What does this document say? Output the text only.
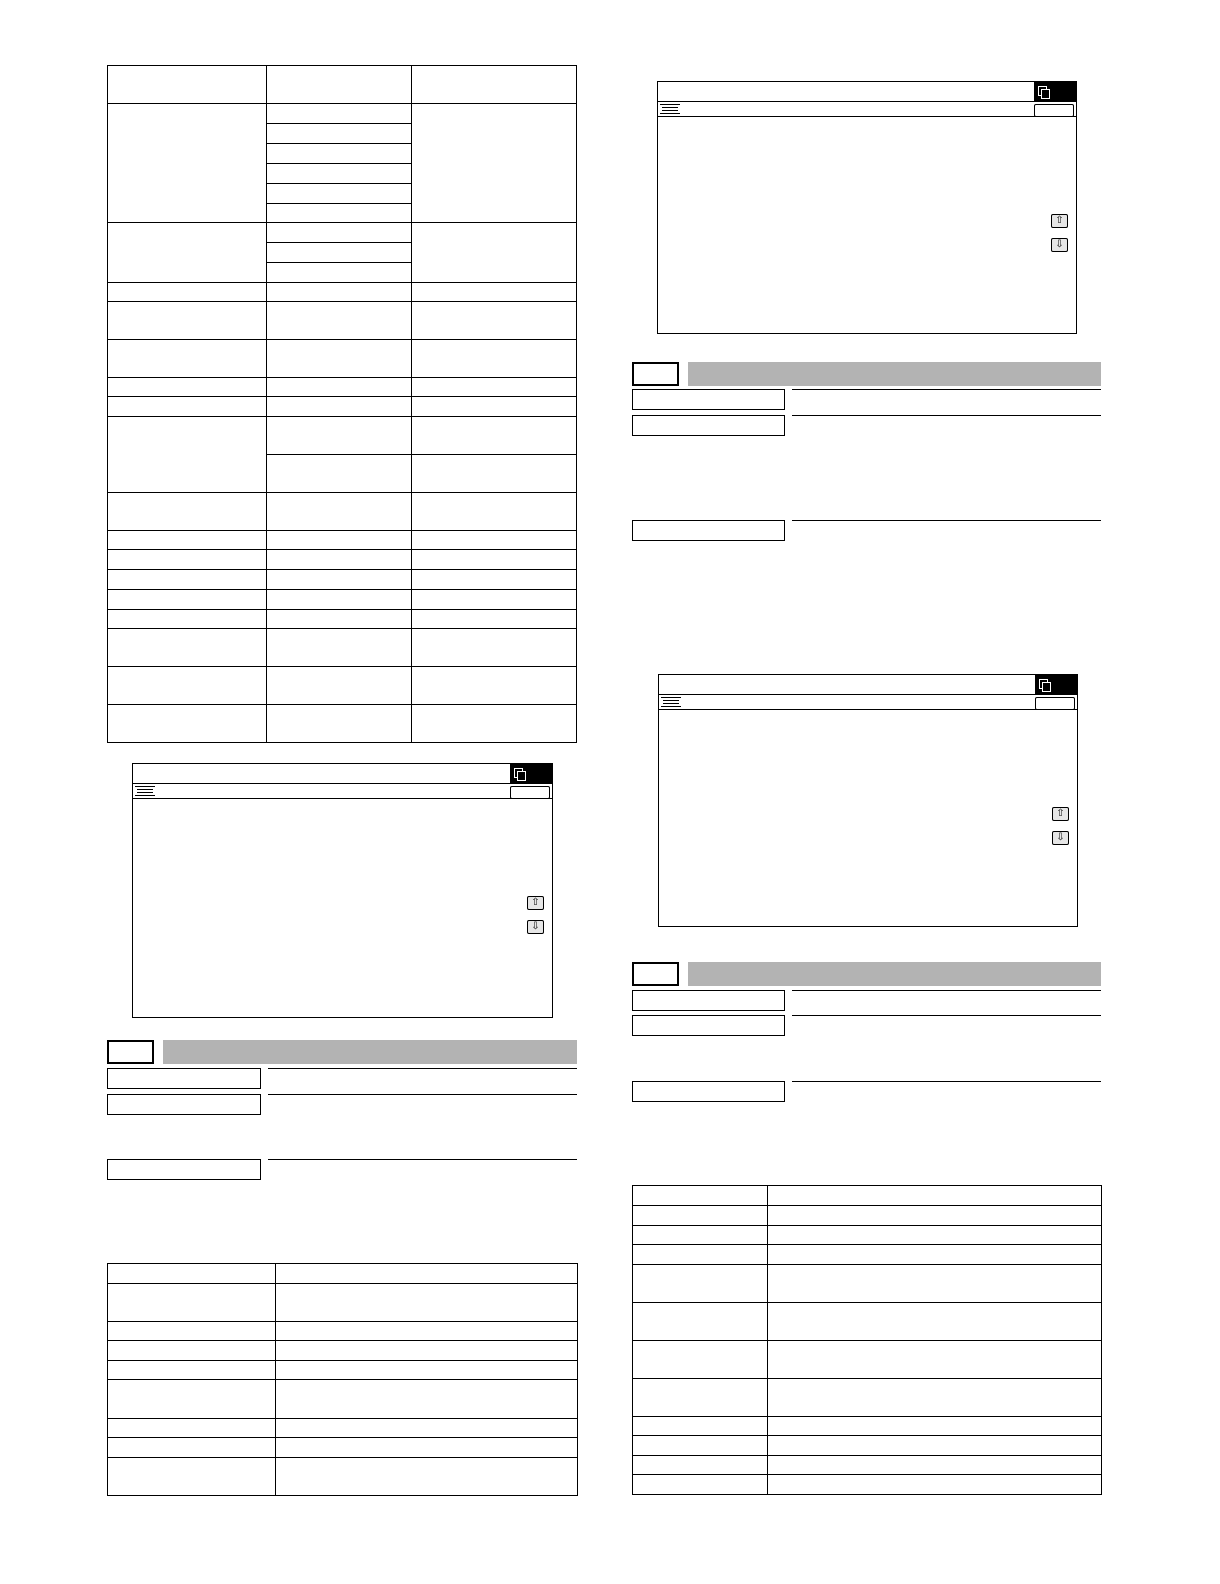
⇧
⇩

⇧
⇩
⇧
⇩
